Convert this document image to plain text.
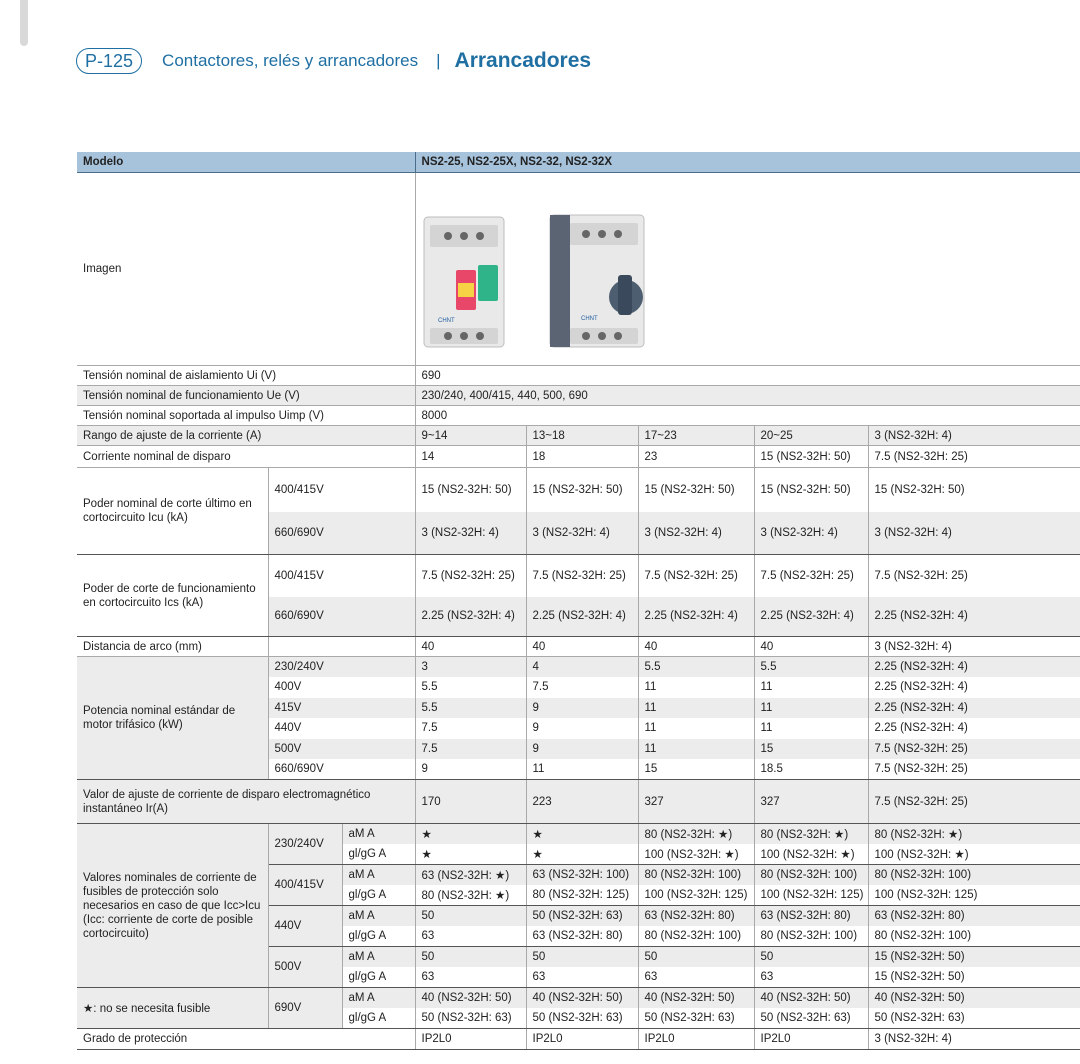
P-125	Contactores, relés y arrancadores | Arrancadores
Modelo			NS2-25, NS2-25X, NS2-32, NS2-32X				
Imagen			CHNT CHNT				

Tensión nominal de aislamiento Ui (V)			690				
Tensión nominal de funcionamiento Ue (V)			230/240, 400/415, 440, 500, 690				
Tensión nominal soportada al impulso Uimp (V)			8000				
Rango de ajuste de la corriente (A)			9~14	13~18	17~23	20~25	3 (NS2-32H: 4)
Corriente nominal de disparo			14	18	23	15 (NS2-32H: 50)	7.5 (NS2-32H: 25)
Poder nominal de corte último en cortocircuito Icu (kA)	400/415V		15 (NS2-32H: 50)	15 (NS2-32H: 50)	15 (NS2-32H: 50)	15 (NS2-32H: 50)	15 (NS2-32H: 50)
	660/690V		3 (NS2-32H: 4)	3 (NS2-32H: 4)	3 (NS2-32H: 4)	3 (NS2-32H: 4)	3 (NS2-32H: 4)
Poder de corte de funcionamiento en cortocircuito Ics (kA)	400/415V		7.5 (NS2-32H: 25)	7.5 (NS2-32H: 25)	7.5 (NS2-32H: 25)	7.5 (NS2-32H: 25)	7.5 (NS2-32H: 25)
	660/690V		2.25 (NS2-32H: 4)	2.25 (NS2-32H: 4)	2.25 (NS2-32H: 4)	2.25 (NS2-32H: 4)	2.25 (NS2-32H: 4)
Distancia de arco (mm)			40	40	40	40	3 (NS2-32H: 4)
Potencia nominal estándar de motor trifásico (kW)	230/240V		3	4	5.5	5.5	2.25 (NS2-32H: 4)
	400V		5.5	7.5	11	11	2.25 (NS2-32H: 4)
	415V		5.5	9	11	11	2.25 (NS2-32H: 4)
	440V		7.5	9	11	11	2.25 (NS2-32H: 4)
	500V		7.5	9	11	15	7.5 (NS2-32H: 25)
	660/690V		9	11	15	18.5	7.5 (NS2-32H: 25)
Valor de ajuste de corriente de disparo electromagnético instantáneo Ir(A)			170	223	327	327	7.5 (NS2-32H: 25)
Valores nominales de corriente de fusibles de protección solo necesarios en caso de que Icc>Icu (Icc: corriente de corte de posible cortocircuito)	230/240V	aM A	★	★	80 (NS2-32H: ★)	80 (NS2-32H: ★)	80 (NS2-32H: ★)
		gl/gG A	★	★	100 (NS2-32H: ★)	100 (NS2-32H: ★)	100 (NS2-32H: ★)
	400/415V	aM A	63 (NS2-32H: ★)	63 (NS2-32H: 100)	80 (NS2-32H: 100)	80 (NS2-32H: 100)	80 (NS2-32H: 100)
		gl/gG A	80 (NS2-32H: ★)	80 (NS2-32H: 125)	100 (NS2-32H: 125)	100 (NS2-32H: 125)	100 (NS2-32H: 125)
	440V	aM A	50	50 (NS2-32H: 63)	63 (NS2-32H: 80)	63 (NS2-32H: 80)	63 (NS2-32H: 80)
		gl/gG A	63	63 (NS2-32H: 80)	80 (NS2-32H: 100)	80 (NS2-32H: 100)	80 (NS2-32H: 100)
	500V	aM A	50	50	50	50	15 (NS2-32H: 50)
		gl/gG A	63	63	63	63	15 (NS2-32H: 50)
★: no se necesita fusible	690V	aM A	40 (NS2-32H: 50)	40 (NS2-32H: 50)	40 (NS2-32H: 50)	40 (NS2-32H: 50)	40 (NS2-32H: 50)
		gl/gG A	50 (NS2-32H: 63)	50 (NS2-32H: 63)	50 (NS2-32H: 63)	50 (NS2-32H: 63)	50 (NS2-32H: 63)
Grado de protección			IP2L0	IP2L0	IP2L0	IP2L0	3 (NS2-32H: 4)
